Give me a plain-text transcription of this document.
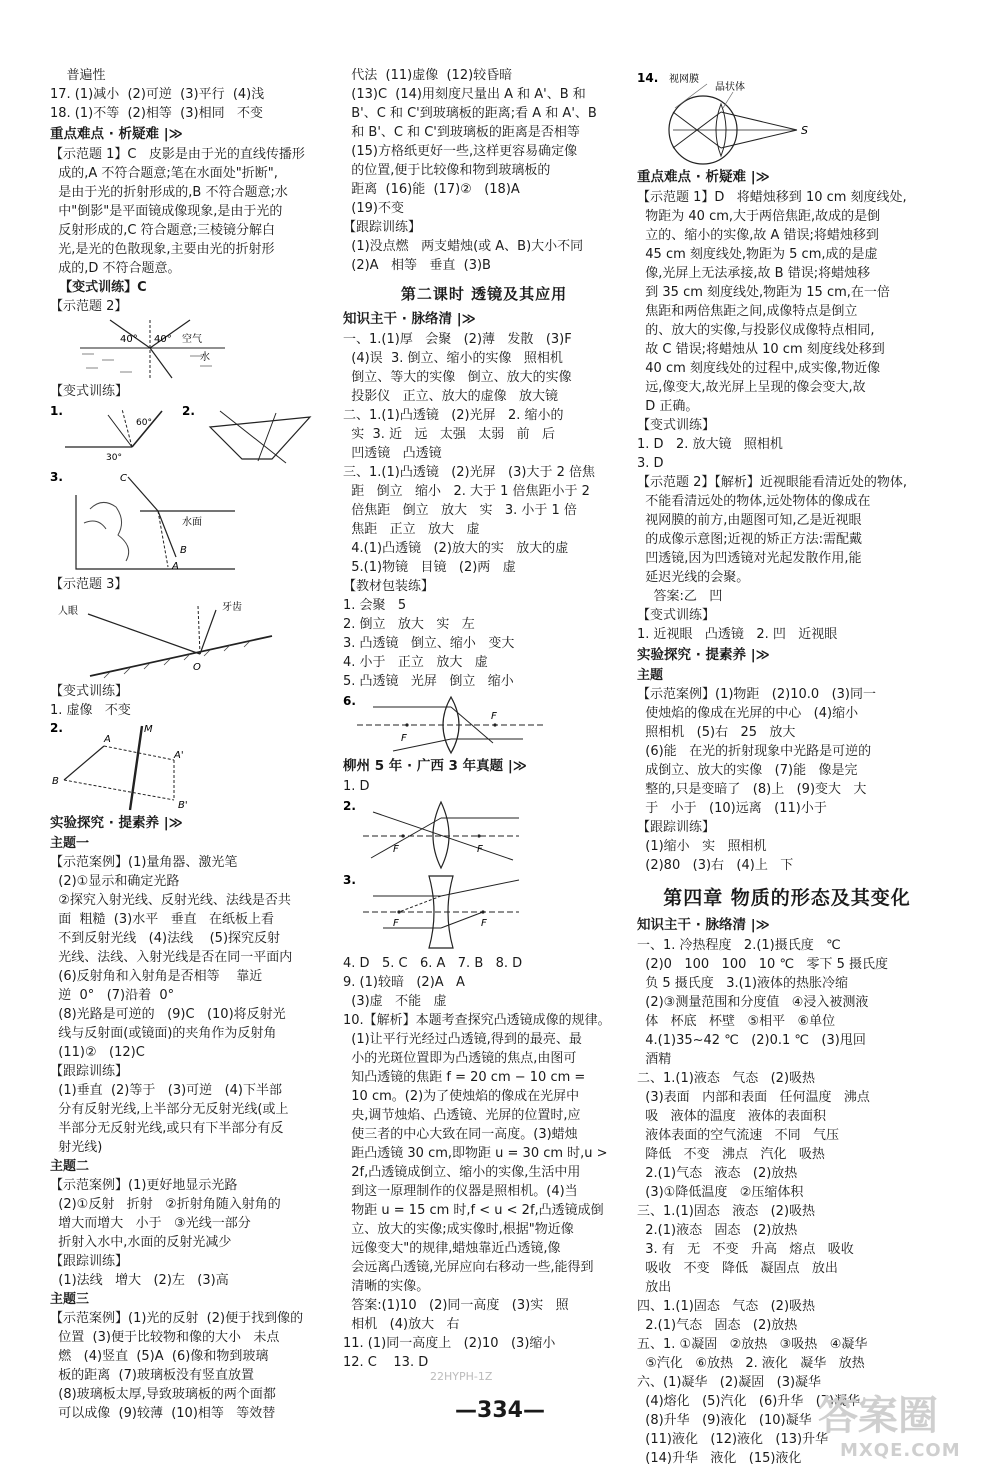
普遍性
17. (1)减小  (2)可逆  (3)平行  (4)浅
18. (1)不等  (2)相等  (3)相同   不变
重点难点 · 析疑难 |≫
【示范题 1】C   皮影是由于光的直线传播形
成的,A 不符合题意;笔在水面处"折断",
是由于光的折射形成的,B 不符合题意;水
中"倒影"是平面镜成像现象,是由于光的
反射形成的,C 符合题意;三棱镜分解白
光,是光的色散现象,主要由光的折射形
成的,D 不符合题意。
【变式训练】C
【示范题 2】
40° 40° 空气
水
【变式训练】
1.
60°
30°
2.
3.	C
水面
B
A
【示范题 3】
人眼	牙齿
O
【变式训练】
1. 虚像   不变
2.	M
A
A'
B
B'
实验探究 · 提素养 |≫
主题一
【示范案例】(1)量角器、激光笔
(2)①显示和确定光路
②探究入射光线、反射光线、法线是否共
面  粗糙  (3)水平   垂直   在纸板上看
不到反射光线   (4)法线    (5)探究反射
光线、法线、入射光线是否在同一平面内
(6)反射角和入射角是否相等    靠近
逆  0°   (7)沿着  0°
(8)光路是可逆的   (9)C   (10)将反射光
线与反射面(或镜面)的夹角作为反射角
(11)②   (12)C
【跟踪训练】
(1)垂直  (2)等于   (3)可逆   (4)下半部
分有反射光线,上半部分无反射光线(或上
半部分无反射光线,或只有下半部分有反
射光线)
主题二
【示范案例】(1)更好地显示光路
(2)①反射   折射   ②折射角随入射角的
增大而增大   小于   ③光线一部分
折射入水中,水面的反射光减少
【跟踪训练】
(1)法线   增大   (2)左   (3)高
主题三
【示范案例】(1)光的反射  (2)便于找到像的
位置  (3)便于比较物和像的大小   未点
燃   (4)竖直  (5)A  (6)像和物到玻璃
板的距离  (7)玻璃板没有竖直放置
(8)玻璃板太厚,导致玻璃板的两个面都
可以成像  (9)较薄  (10)相等   等效替
代法  (11)虚像  (12)较昏暗
(13)C  (14)用刻度尺量出 A 和 A'、B 和
B'、C 和 C'到玻璃板的距离;看 A 和 A'、B
和 B'、C 和 C'到玻璃板的距离是否相等
(15)方格纸更好一些,这样更容易确定像
的位置,便于比较像和物到玻璃板的
距离  (16)能  (17)②   (18)A
(19)不变
【跟踪训练】
(1)没点燃   两支蜡烛(或 A、B)大小不同
(2)A   相等   垂直  (3)B
第二课时 透镜及其应用
知识主干 · 脉络清 |≫
一、1.(1)厚   会聚   (2)薄   发散   (3)F
(4)误  3. 倒立、缩小的实像   照相机
倒立、等大的实像   倒立、放大的实像
投影仪   正立、放大的虚像   放大镜
二、1.(1)凸透镜   (2)光屏   2. 缩小的
实  3. 近   远   太强   太弱   前   后
凹透镜   凸透镜
三、1.(1)凸透镜   (2)光屏   (3)大于 2 倍焦
距   倒立   缩小   2. 大于 1 倍焦距小于 2
倍焦距   倒立   放大   实   3. 小于 1 倍
焦距   正立   放大   虚
4.(1)凸透镜   (2)放大的实   放大的虚
5.(1)物镜   目镜   (2)两   虚
【教材包装练】
1. 会聚   5
2. 倒立   放大   实   左
3. 凸透镜   倒立、缩小   变大
4. 小于   正立   放大   虚
5. 凸透镜   光屏   倒立   缩小
6.
F
F
柳州 5 年 · 广西 3 年真题 |≫
1. D
2.
F	F
3.
F	F
4. D   5. C   6. A   7. B   8. D
9. (1)较暗   (2)A   A
(3)虚   不能   虚
10.【解析】本题考查探究凸透镜成像的规律。
(1)让平行光经过凸透镜,得到的最亮、最
小的光斑位置即为凸透镜的焦点,由图可
知凸透镜的焦距 f = 20 cm − 10 cm =
10 cm。(2)为了使烛焰的像成在光屏中
央,调节烛焰、凸透镜、光屏的位置时,应
使三者的中心大致在同一高度。(3)蜡烛
距凸透镜 30 cm,即物距 u = 30 cm 时,u >
2f,凸透镜成倒立、缩小的实像,生活中用
到这一原理制作的仪器是照相机。(4)当
物距 u = 15 cm 时,f < u < 2f,凸透镜成倒
立、放大的实像;成实像时,根据"物近像
远像变大"的规律,蜡烛靠近凸透镜,像
会远离凸透镜,光屏应向右移动一些,能得到
清晰的实像。
答案:(1)10   (2)同一高度   (3)实   照
相机   (4)放大   右
11. (1)同一高度上   (2)10   (3)缩小
12. C    13. D
14. 视网膜
晶状体
S
重点难点 · 析疑难 |≫
【示范题 1】D   将蜡烛移到 10 cm 刻度线处,
物距为 40 cm,大于两倍焦距,故成的是倒
立的、缩小的实像,故 A 错误;将蜡烛移到
45 cm 刻度线处,物距为 5 cm,成的是虚
像,光屏上无法承接,故 B 错误;将蜡烛移
到 35 cm 刻度线处,物距为 15 cm,在一倍
焦距和两倍焦距之间,成像特点是倒立
的、放大的实像,与投影仪成像特点相同,
故 C 错误;将蜡烛从 10 cm 刻度线处移到
40 cm 刻度线处的过程中,成实像,物近像
远,像变大,故光屏上呈现的像会变大,故
D 正确。
【变式训练】
1. D   2. 放大镜   照相机
3. D
【示范题 2】【解析】近视眼能看清近处的物体,
不能看清远处的物体,远处物体的像成在
视网膜的前方,由题图可知,乙是近视眼
的成像示意图;近视的矫正方法:需配戴
凹透镜,因为凹透镜对光起发散作用,能
延迟光线的会聚。
答案:乙   凹
【变式训练】
1. 近视眼   凸透镜   2. 凹   近视眼
实验探究 · 提素养 |≫
主题
【示范案例】(1)物距   (2)10.0   (3)同一
使烛焰的像成在光屏的中心   (4)缩小
照相机   (5)右   25   放大
(6)能   在光的折射现象中光路是可逆的
成倒立、放大的实像   (7)能   像是完
整的,只是变暗了   (8)上   (9)变大   大
于   小于   (10)远离   (11)小于
【跟踪训练】
(1)缩小   实   照相机
(2)80   (3)右   (4)上   下
第四章 物质的形态及其变化
知识主干 · 脉络清 |≫
一、1. 冷热程度   2.(1)摄氏度   ℃
(2)0   100   100   10 ℃   零下 5 摄氏度
负 5 摄氏度   3.(1)液体的热胀冷缩
(2)③测量范围和分度值   ④浸入被测液
体   杯底   杯壁   ⑤相平   ⑥单位
4.(1)35~42 ℃   (2)0.1 ℃   (3)甩回
酒精
二、1.(1)液态   气态   (2)吸热
(3)表面   内部和表面   任何温度   沸点
吸   液体的温度   液体的表面积
液体表面的空气流速   不同   气压
降低   不变   沸点   汽化   吸热
2.(1)气态   液态   (2)放热
(3)①降低温度   ②压缩体积
三、1.(1)固态   液态   (2)吸热
2.(1)液态   固态   (2)放热
3. 有   无   不变   升高   熔点   吸收
吸收   不变   降低   凝固点   放出
放出
四、1.(1)固态   气态   (2)吸热
2.(1)气态   固态   (2)放热
五、1. ①凝固   ②放热   ③吸热   ④凝华
⑤汽化   ⑥放热   2. 液化   凝华   放热
六、(1)凝华   (2)凝固   (3)凝华
(4)熔化   (5)汽化   (6)升华   (7)凝华
(8)升华   (9)液化   (10)凝华
(11)液化   (12)液化   (13)升华
(14)升华   液化   (15)液化
22HYPH-1Z
—334—	答案圈
MXQE.COM
